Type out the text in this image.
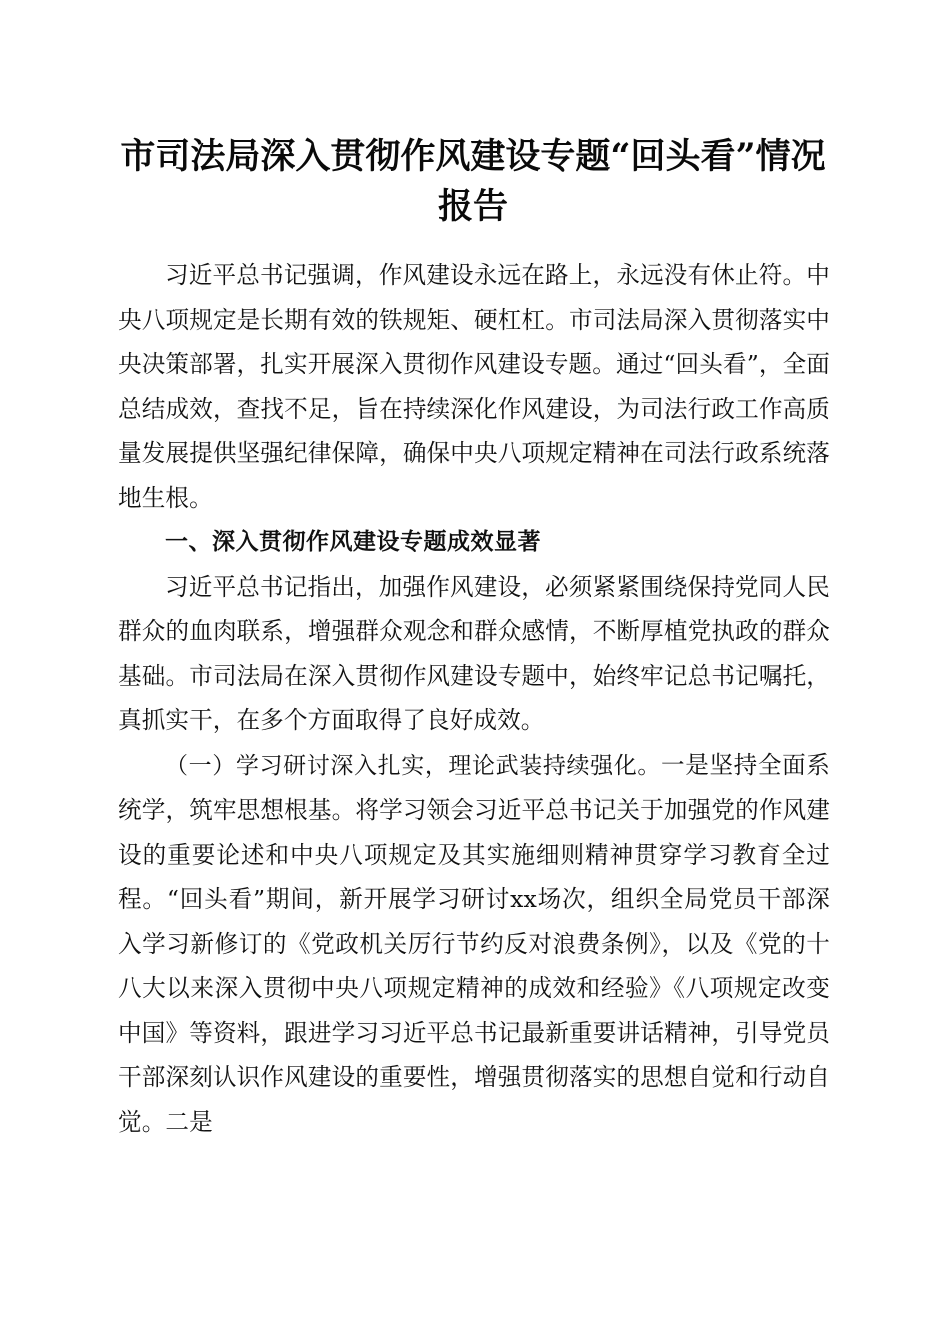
市司法局深入贯彻作风建设专题“回头看”情况报告

习近平总书记强调，作风建设永远在路上，永远没有休止符。中央八项规定是长期有效的铁规矩、硬杠杠。市司法局深入贯彻落实中央决策部署，扎实开展深入贯彻作风建设专题。通过“回头看”，全面总结成效，查找不足，旨在持续深化作风建设，为司法行政工作高质量发展提供坚强纪律保障，确保中央八项规定精神在司法行政系统落地生根。

一、深入贯彻作风建设专题成效显著

习近平总书记指出，加强作风建设，必须紧紧围绕保持党同人民群众的血肉联系，增强群众观念和群众感情，不断厚植党执政的群众基础。市司法局在深入贯彻作风建设专题中，始终牢记总书记嘱托，真抓实干，在多个方面取得了良好成效。

（一）学习研讨深入扎实，理论武装持续强化。一是坚持全面系统学，筑牢思想根基。将学习领会习近平总书记关于加强党的作风建设的重要论述和中央八项规定及其实施细则精神贯穿学习教育全过程。“回头看”期间，新开展学习研讨xx场次，组织全局党员干部深入学习新修订的《党政机关厉行节约反对浪费条例》，以及《党的十八大以来深入贯彻中央八项规定精神的成效和经验》《八项规定改变中国》等资料，跟进学习习近平总书记最新重要讲话精神，引导党员干部深刻认识作风建设的重要性，增强贯彻落实的思想自觉和行动自觉。二是
